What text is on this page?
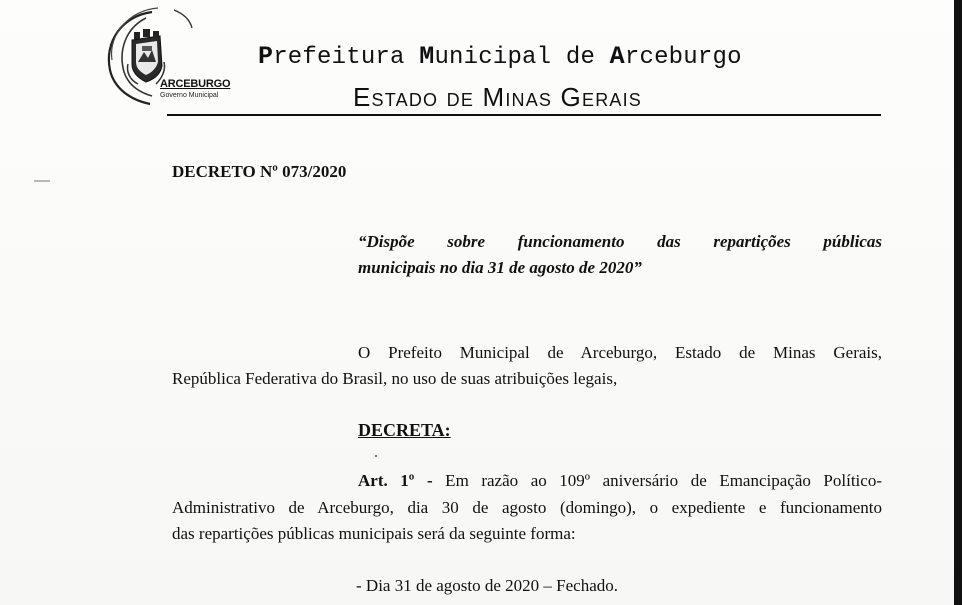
ARCEBURGO
Governo Municipal
Prefeitura Municipal de Arceburgo
Estado de Minas Gerais
DECRETO Nº 073/2020
“Dispõe sobre funcionamento das repartições públicas
municipais no dia 31 de agosto de 2020”
O Prefeito Municipal de Arceburgo, Estado de Minas Gerais,
República Federativa do Brasil, no uso de suas atribuições legais,
DECRETA:
Art. 1º - Em razão ao 109º aniversário de Emancipação Político-
Administrativo de Arceburgo, dia 30 de agosto (domingo), o expediente e funcionamento
das repartições públicas municipais será da seguinte forma:
- Dia 31 de agosto de 2020 – Fechado.
